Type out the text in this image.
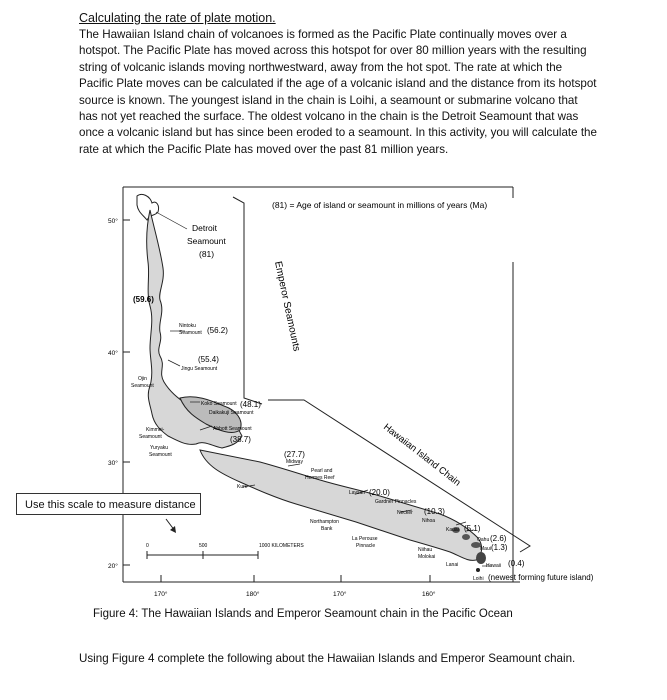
Calculating the rate of plate motion.
The Hawaiian Island chain of volcanoes is formed as the Pacific Plate continually moves over a hotspot. The Pacific Plate has moved across this hotspot for over 80 million years with the resulting string of volcanic islands moving northwestward, away from the hot spot. The rate at which the Pacific Plate moves can be calculated if the age of a volcanic island and the distance from its hotspot source is known. The youngest island in the chain is Loihi, a seamount or submarine volcano that has not yet reached the surface. The oldest volcano in the chain is the Detroit Seamount that was once a volcanic island but has since been eroded to a seamount. In this activity, you will calculate the rate at which the Pacific Plate has moved over the past 81 million years.
50°
40°
30°
20°
170°	180°	170°	160°
(81) = Age of island or seamount in millions of years (Ma)
Emperor Seamounts
Hawaiian Island Chain
Detroit
Seamount
(81)
(59.6)
Nintoku
Seamount (56.2)
(55.4)
Jingu Seamount
Ojin
Seamount
Koko Seamount (48.1)
Daikakuji Seamount
Abbott Seamount
(38.7)
Kimmei-
Seamount
Yuryaku
Seamount
Kure
(27.7)
Midway
Pearl and
Hermes Reef
Laysan (20.0)
Gardner Pinnacles
Necker (10.3)
Nihoa
Northampton
Bank
La Perouse
Pinnacle
Kauai (5.1)
Oahu (2.6)
Niihau
Molokai
Maui (1.3)
Lanai	Hawaii (0.4)
Loihi (newest forming future island)
0	500	1000 KILOMETERS
Use this scale to measure distance
Figure 4: The Hawaiian Islands and Emperor Seamount chain in the Pacific Ocean
Using Figure 4 complete the following about the Hawaiian Islands and Emperor Seamount chain.
